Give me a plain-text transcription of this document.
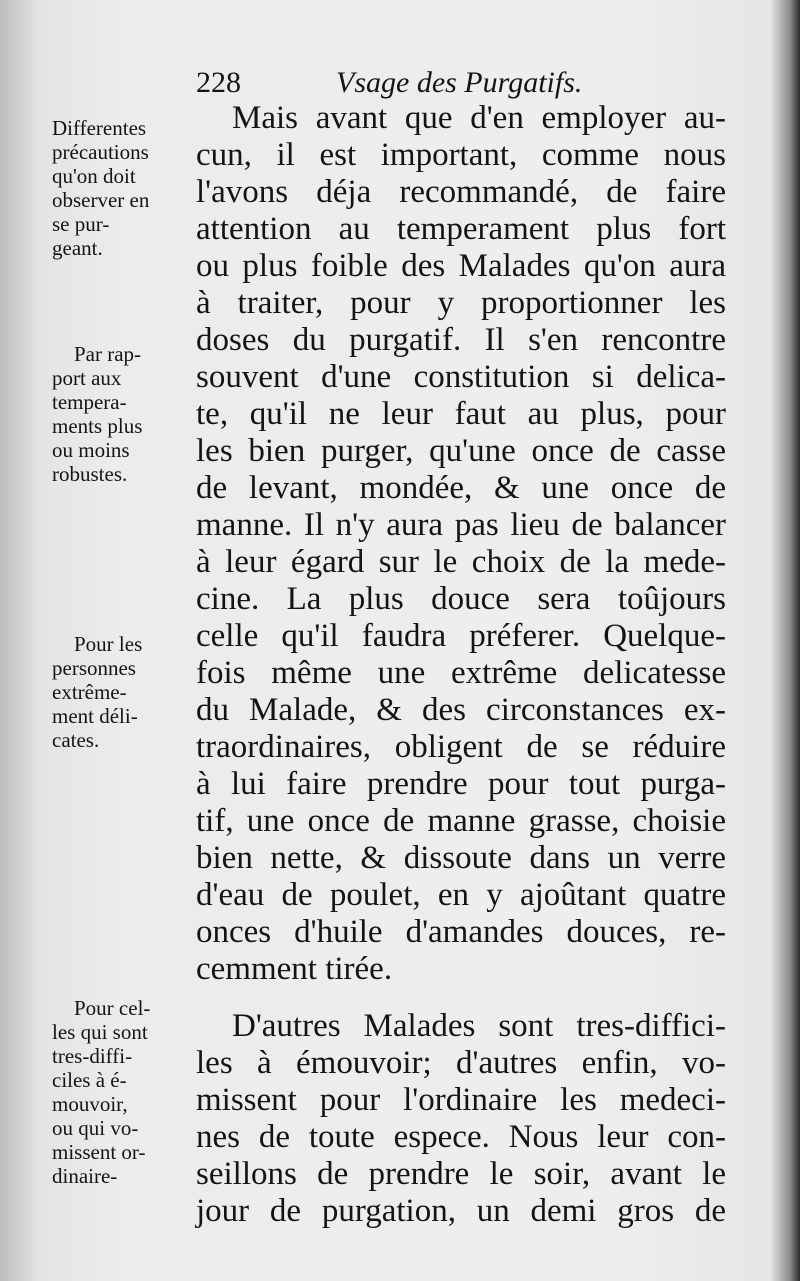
228	Vsage des Purgatifs.
Mais avant que d'en employer au-
cun, il est important, comme nous
l'avons déja recommandé, de faire
attention au temperament plus fort
ou plus foible des Malades qu'on aura
à traiter, pour y proportionner les
doses du purgatif. Il s'en rencontre
souvent d'une constitution si delica-
te, qu'il ne leur faut au plus, pour
les bien purger, qu'une once de casse
de levant, mondée, & une once de
manne. Il n'y aura pas lieu de balancer
à leur égard sur le choix de la mede-
cine. La plus douce sera toûjours
celle qu'il faudra préferer. Quelque-
fois même une extrême delicatesse
du Malade, & des circonstances ex-
traordinaires, obligent de se réduire
à lui faire prendre pour tout purga-
tif, une once de manne grasse, choisie
bien nette, & dissoute dans un verre
d'eau de poulet, en y ajoûtant quatre
onces d'huile d'amandes douces, re-
cemment tirée.
D'autres Malades sont tres-diffici-
les à émouvoir; d'autres enfin, vo-
missent pour l'ordinaire les medeci-
nes de toute espece. Nous leur con-
seillons de prendre le soir, avant le
jour de purgation, un demi gros de
Differentes
précautions
qu'on doit
observer en
se pur-
geant.
Par rap-
port aux
tempera-
ments plus
ou moins
robustes.
Pour les
personnes
extrême-
ment déli-
cates.
Pour cel-
les qui sont
tres-diffi-
ciles à é-
mouvoir,
ou qui vo-
missent or-
dinaire-
